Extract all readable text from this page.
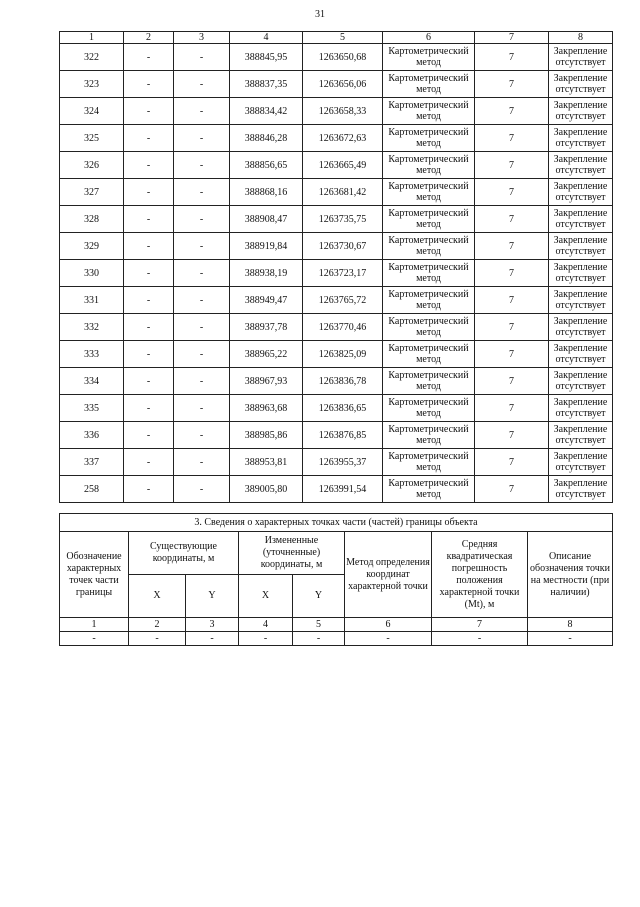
31
1	2	3	4	5	6	7	8
322	-	-	388845,95	1263650,68	Картометрический метод	7	Закрепление отсутствует
323	-	-	388837,35	1263656,06	Картометрический метод	7	Закрепление отсутствует
324	-	-	388834,42	1263658,33	Картометрический метод	7	Закрепление отсутствует
325	-	-	388846,28	1263672,63	Картометрический метод	7	Закрепление отсутствует
326	-	-	388856,65	1263665,49	Картометрический метод	7	Закрепление отсутствует
327	-	-	388868,16	1263681,42	Картометрический метод	7	Закрепление отсутствует
328	-	-	388908,47	1263735,75	Картометрический метод	7	Закрепление отсутствует
329	-	-	388919,84	1263730,67	Картометрический метод	7	Закрепление отсутствует
330	-	-	388938,19	1263723,17	Картометрический метод	7	Закрепление отсутствует
331	-	-	388949,47	1263765,72	Картометрический метод	7	Закрепление отсутствует
332	-	-	388937,78	1263770,46	Картометрический метод	7	Закрепление отсутствует
333	-	-	388965,22	1263825,09	Картометрический метод	7	Закрепление отсутствует
334	-	-	388967,93	1263836,78	Картометрический метод	7	Закрепление отсутствует
335	-	-	388963,68	1263836,65	Картометрический метод	7	Закрепление отсутствует
336	-	-	388985,86	1263876,85	Картометрический метод	7	Закрепление отсутствует
337	-	-	388953,81	1263955,37	Картометрический метод	7	Закрепление отсутствует
258	-	-	389005,80	1263991,54	Картометрический метод	7	Закрепление отсутствует
3. Сведения о характерных точках части (частей) границы объекта							
Обозначение характерных точек части границы	Существующие координаты, м		Измененные (уточненные) координаты, м		Метод определения координат характерной точки	Средняя квадратическая погрешность положения характерной точки (Mt), м	Описание обозначения точки на местности (при наличии)
	X	Y	X	Y			
1	2	3	4	5	6	7	8
-	-	-	-	-	-	-	-
